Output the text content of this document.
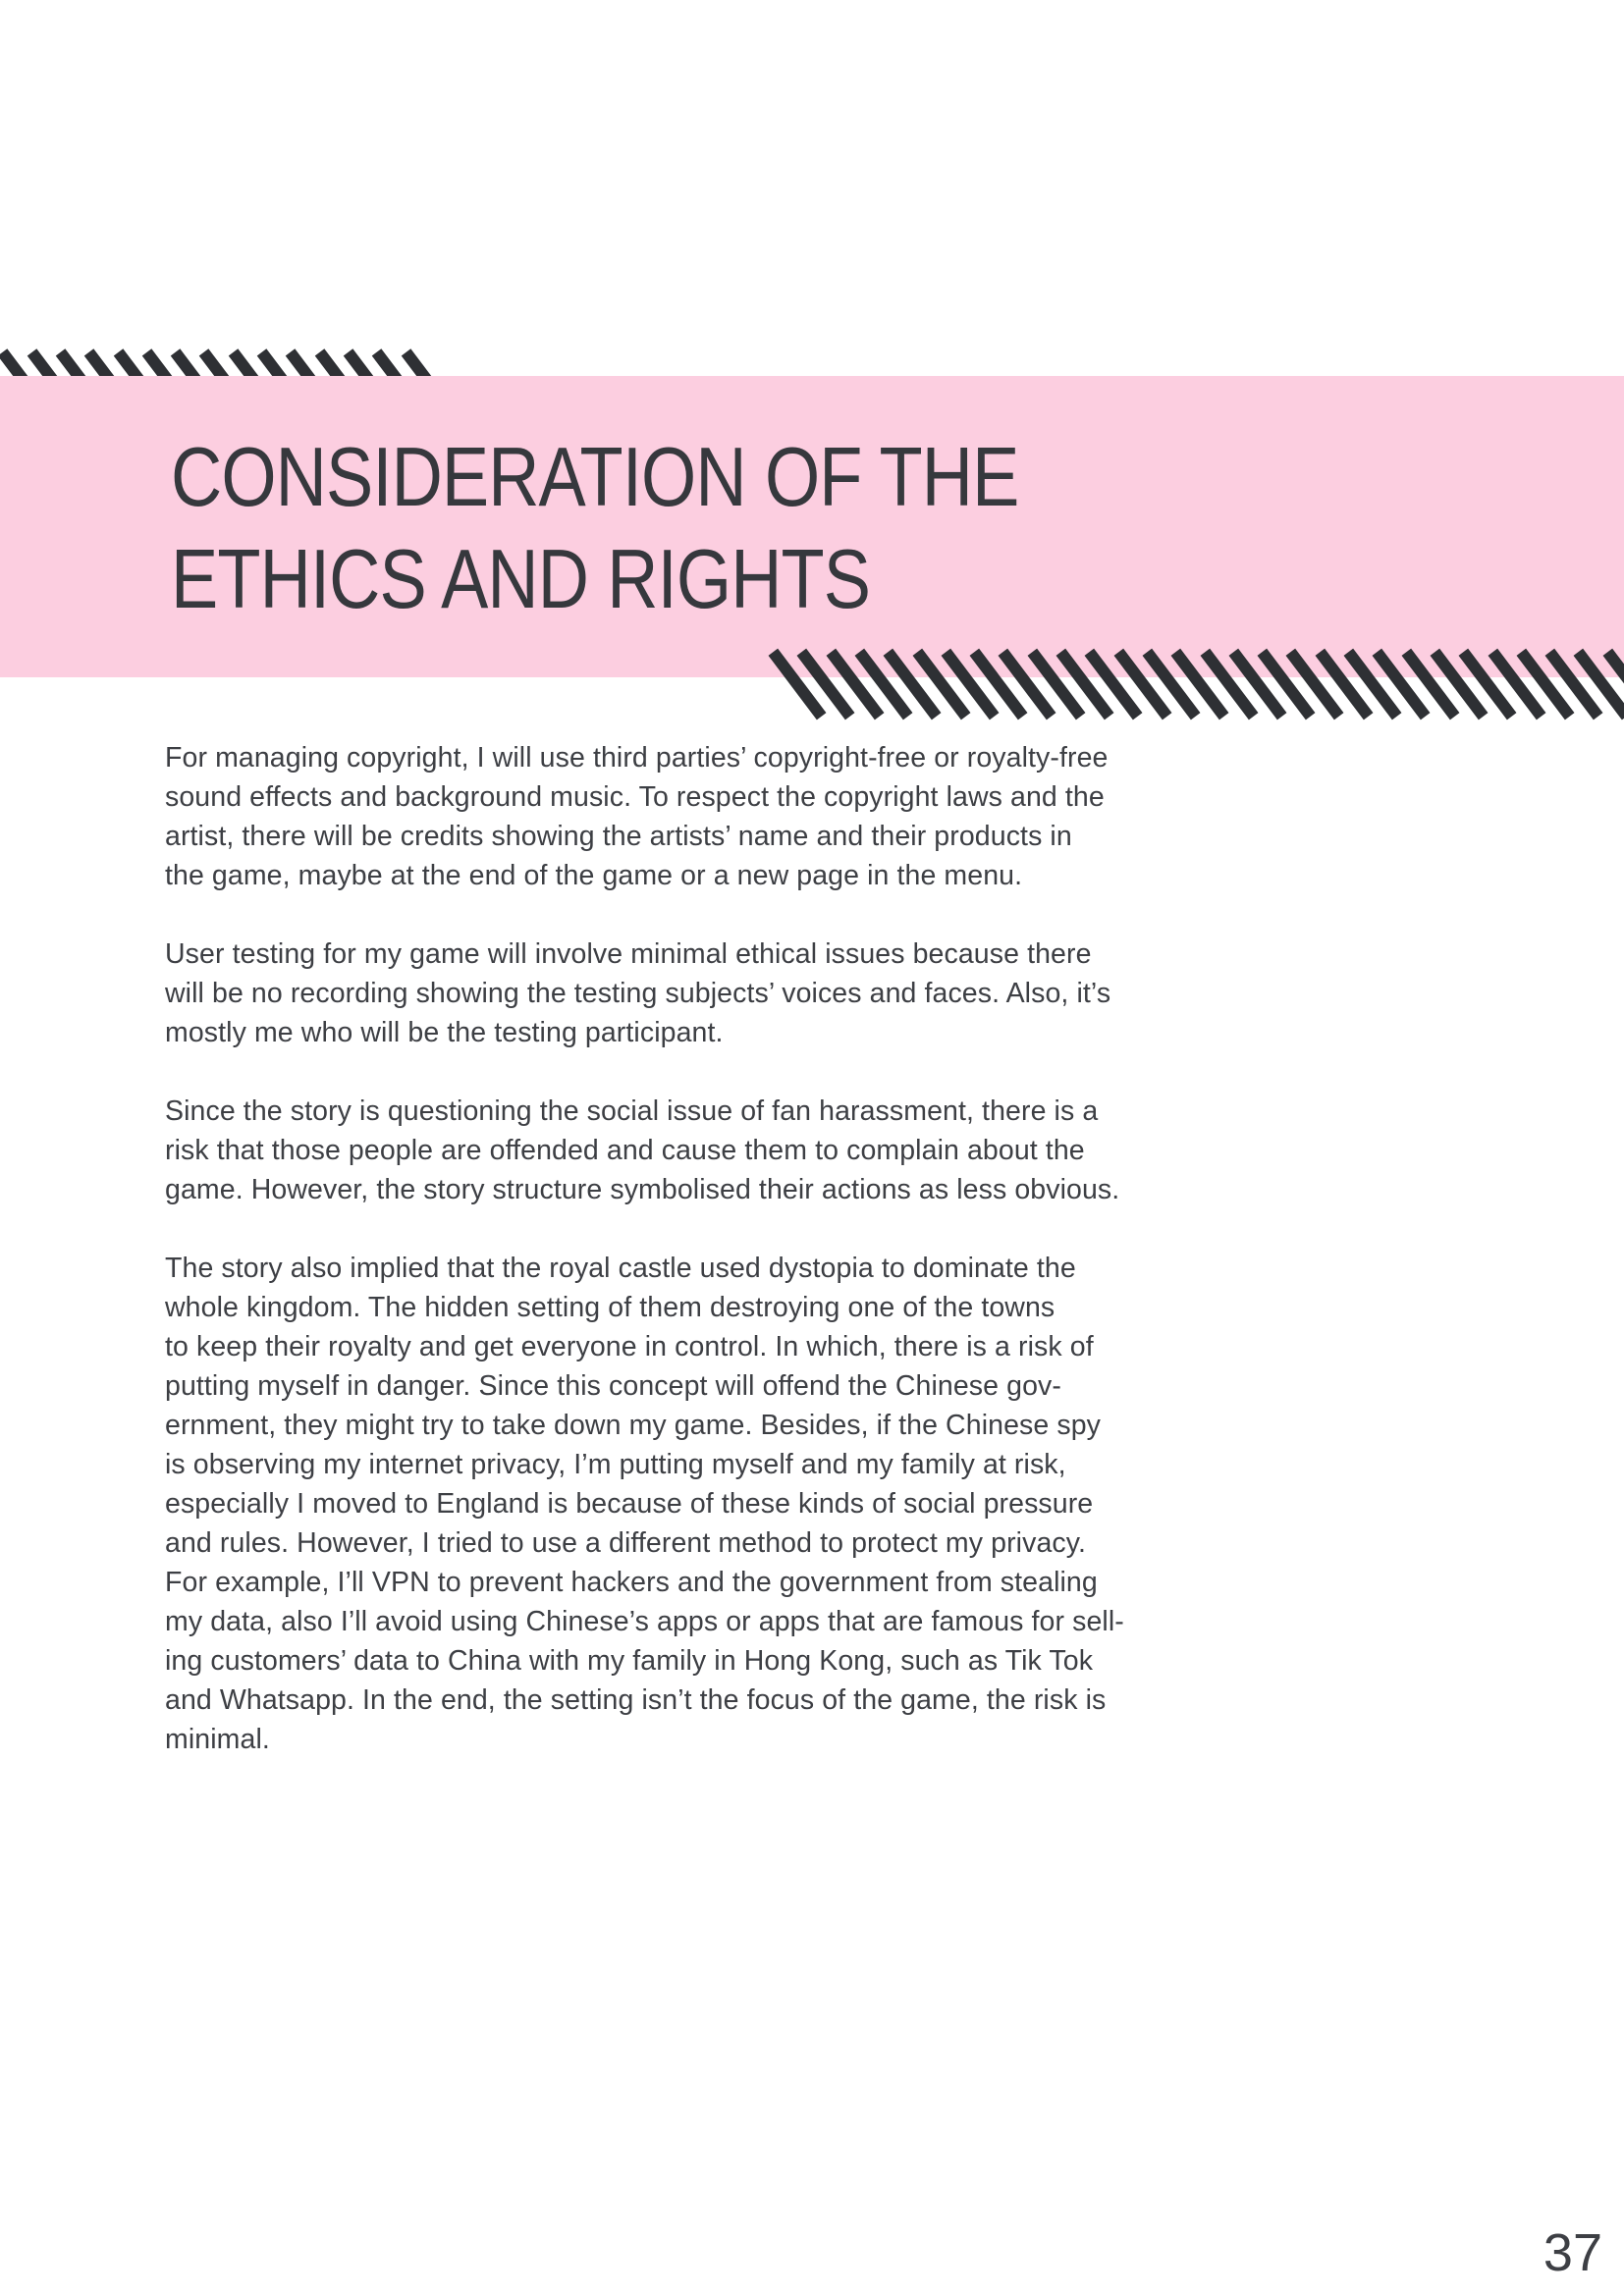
CONSIDERATION OF THE
ETHICS AND RIGHTS
For managing copyright, I will use third parties’ copyright-free or royalty-free
sound effects and background music. To respect the copyright laws and the
artist, there will be credits showing the artists’ name and their products in
the game, maybe at the end of the game or a new page in the menu.
User testing for my game will involve minimal ethical issues because there
will be no recording showing the testing subjects’ voices and faces. Also, it’s
mostly me who will be the testing participant.
Since the story is questioning the social issue of fan harassment, there is a
risk that those people are offended and cause them to complain about the
game. However, the story structure symbolised their actions as less obvious.
The story also implied that the royal castle used dystopia to dominate the
whole kingdom. The hidden setting of them destroying one of the towns
to keep their royalty and get everyone in control. In which, there is a risk of
putting myself in danger. Since this concept will offend the Chinese gov-
ernment, they might try to take down my game. Besides, if the Chinese spy
is observing my internet privacy, I’m putting myself and my family at risk,
especially I moved to England is because of these kinds of social pressure
and rules. However, I tried to use a different method to protect my privacy.
For example, I’ll VPN to prevent hackers and the government from stealing
my data, also I’ll avoid using Chinese’s apps or apps that are famous for sell-
ing customers’ data to China with my family in Hong Kong, such as Tik Tok
and Whatsapp. In the end, the setting isn’t the focus of the game, the risk is
minimal.
37
